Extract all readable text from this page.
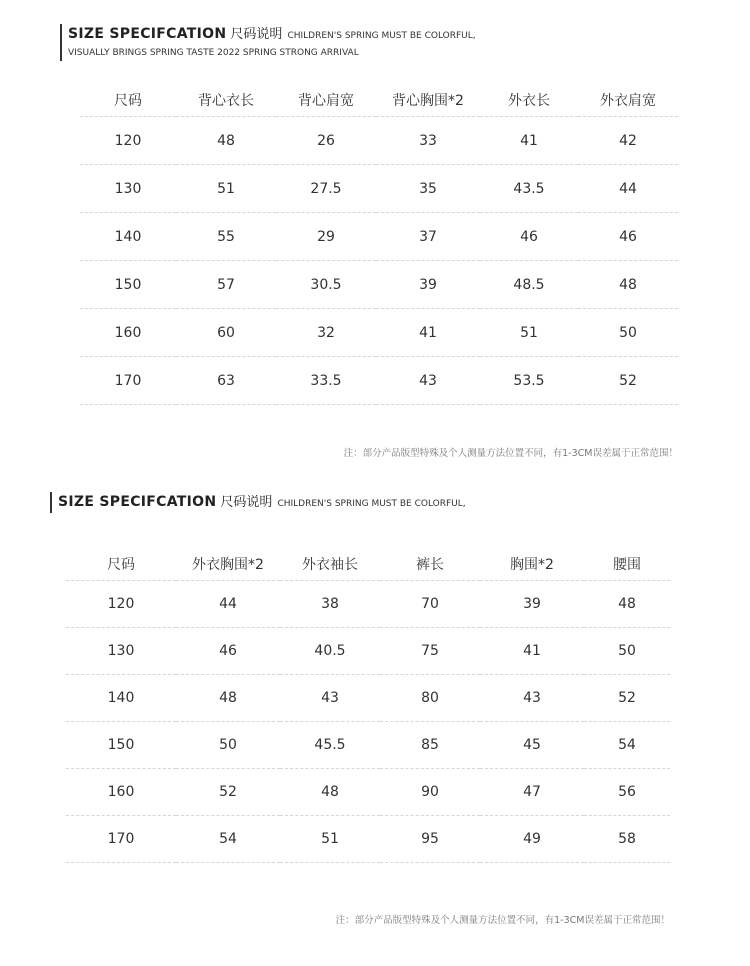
SIZE SPECIFCATION 尺码说明 CHILDREN'S SPRING MUST BE COLORFUL,
VISUALLY BRINGS SPRING TASTE 2022 SPRING STRONG ARRIVAL
尺码	背心衣长	背心肩宽	背心胸围*2	外衣长	外衣肩宽
120	48	26	33	41	42
130	51	27.5	35	43.5	44
140	55	29	37	46	46
150	57	30.5	39	48.5	48
160	60	32	41	51	50
170	63	33.5	43	53.5	52
注：部分产品版型特殊及个人测量方法位置不同，有1-3CM误差属于正常范围！
SIZE SPECIFCATION 尺码说明 CHILDREN'S SPRING MUST BE COLORFUL,
尺码	外衣胸围*2	外衣袖长	裤长	胸围*2	腰围
120	44	38	70	39	48
130	46	40.5	75	41	50
140	48	43	80	43	52
150	50	45.5	85	45	54
160	52	48	90	47	56
170	54	51	95	49	58
注：部分产品版型特殊及个人测量方法位置不同，有1-3CM误差属于正常范围！
